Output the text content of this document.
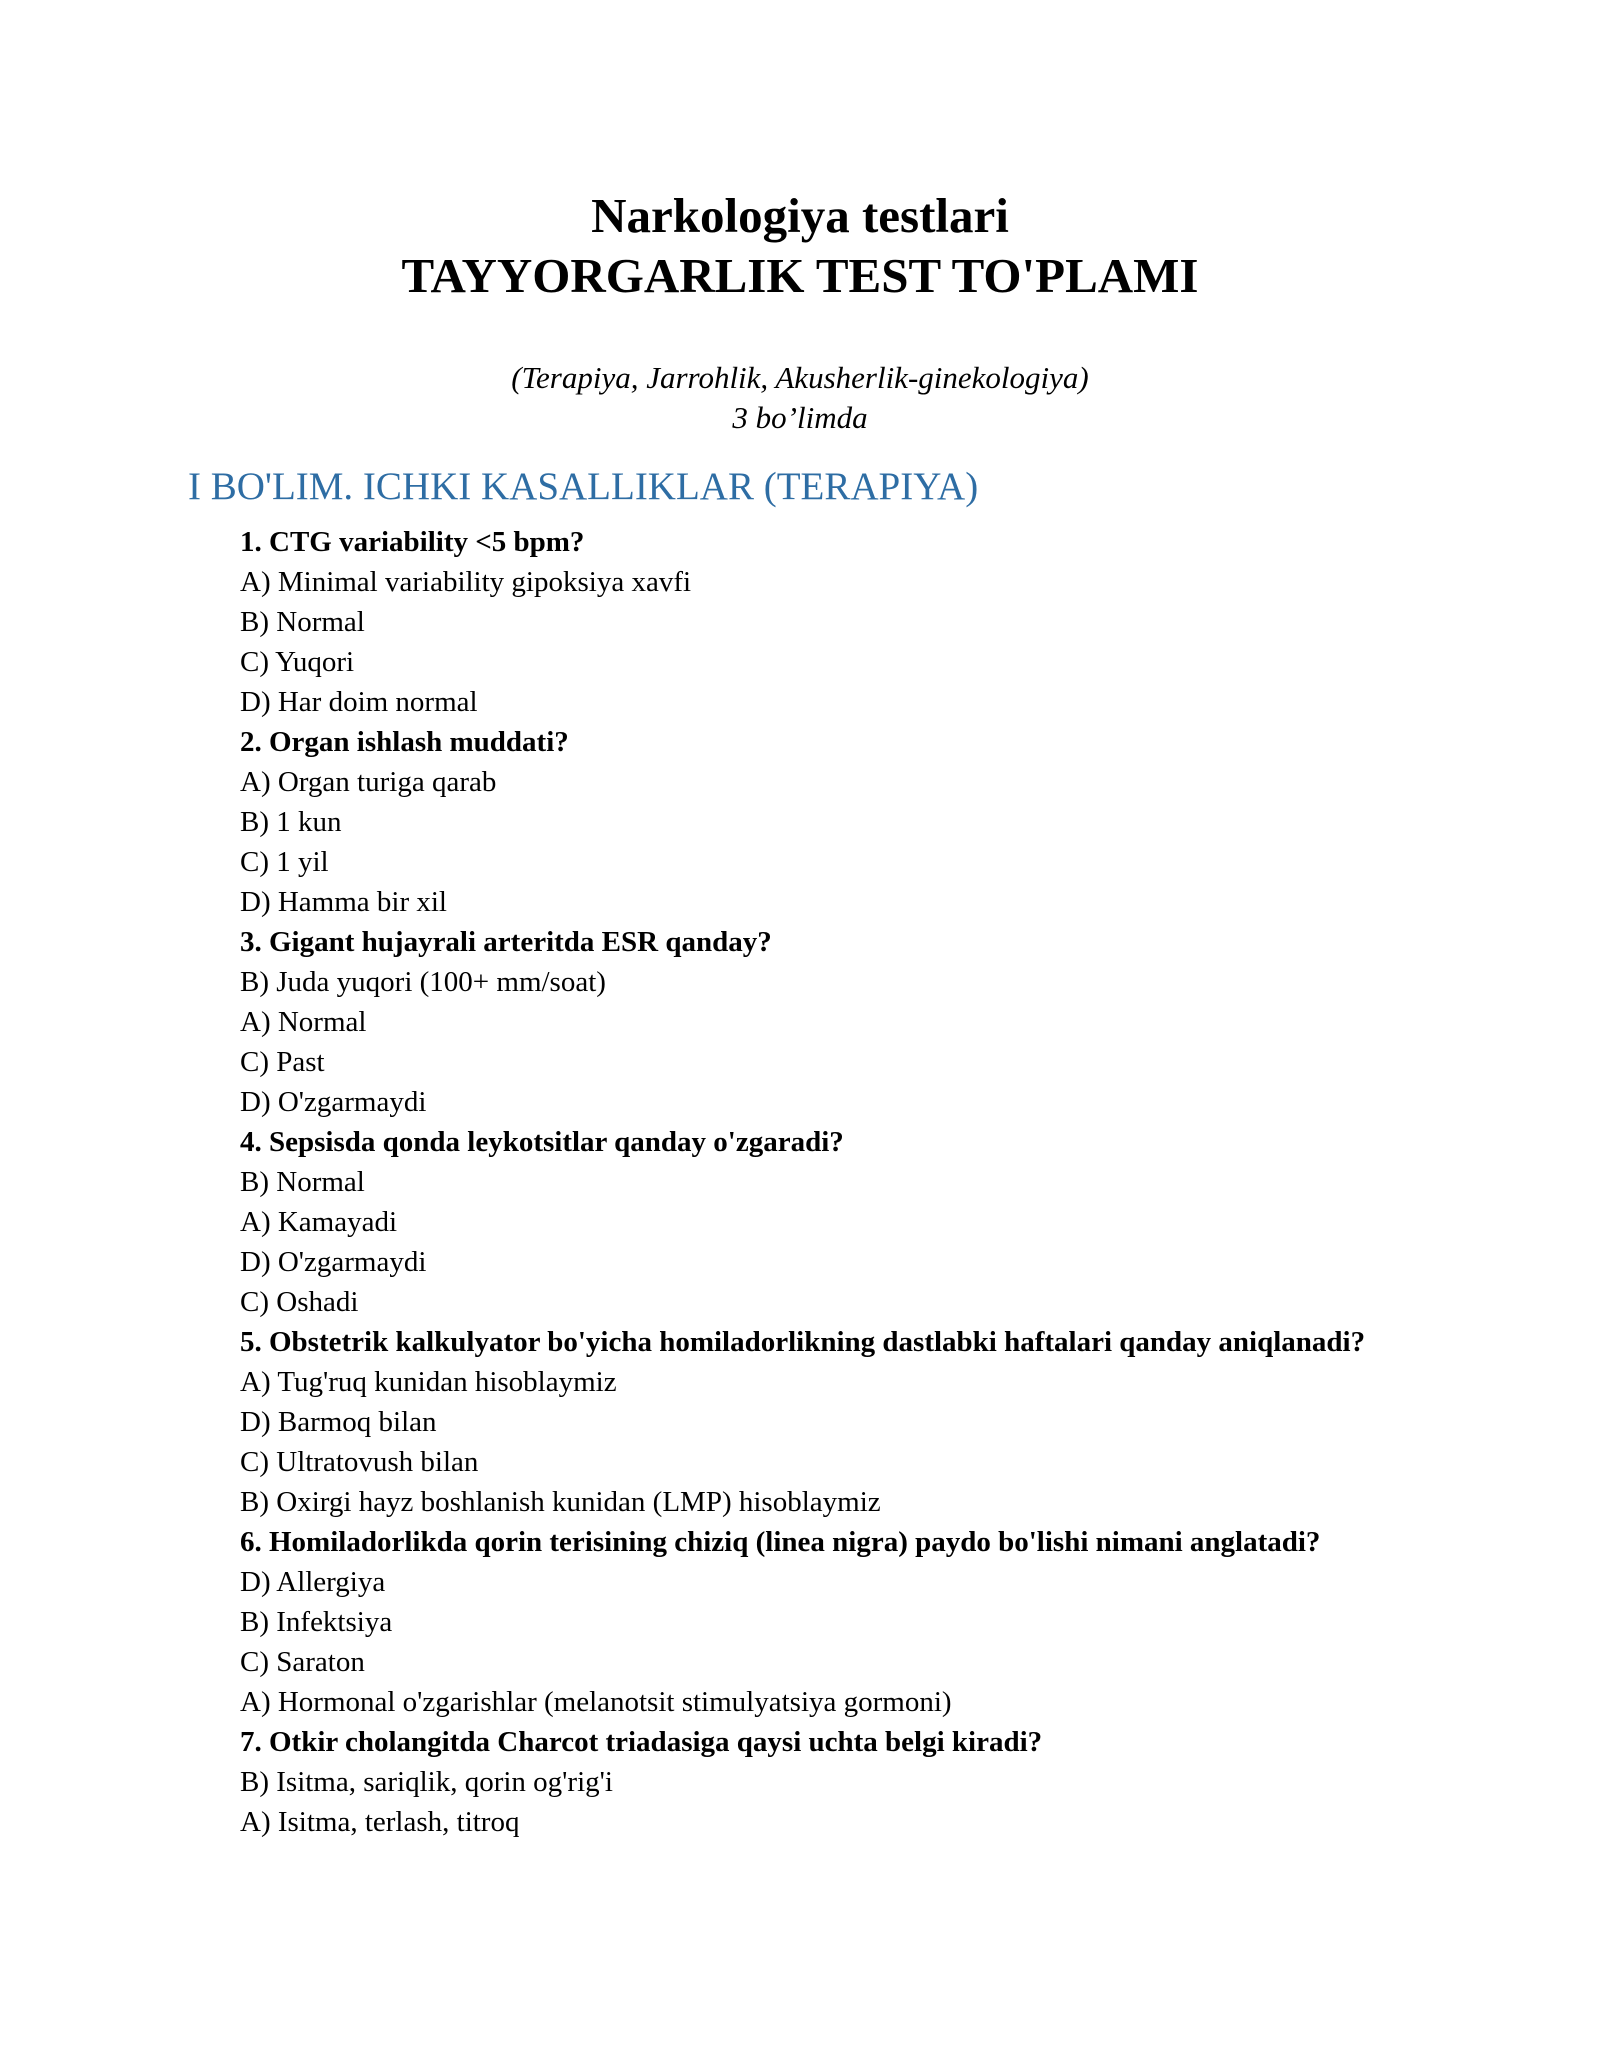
Narkologiya testlari
TAYYORGARLIK TEST TO'PLAMI
(Terapiya, Jarrohlik, Akusherlik-ginekologiya)
3 bo’limda
I BO'LIM. ICHKI KASALLIKLAR (TERAPIYA)
1. CTG variability <5 bpm?
A) Minimal variability gipoksiya xavfi
B) Normal
C) Yuqori
D) Har doim normal
2. Organ ishlash muddati?
A) Organ turiga qarab
B) 1 kun
C) 1 yil
D) Hamma bir xil
3. Gigant hujayrali arteritda ESR qanday?
B) Juda yuqori (100+ mm/soat)
A) Normal
C) Past
D) O'zgarmaydi
4. Sepsisda qonda leykotsitlar qanday o'zgaradi?
B) Normal
A) Kamayadi
D) O'zgarmaydi
C) Oshadi
5. Obstetrik kalkulyator bo'yicha homiladorlikning dastlabki haftalari qanday aniqlanadi?
A) Tug'ruq kunidan hisoblaymiz
D) Barmoq bilan
C) Ultratovush bilan
B) Oxirgi hayz boshlanish kunidan (LMP) hisoblaymiz
6. Homiladorlikda qorin terisining chiziq (linea nigra) paydo bo'lishi nimani anglatadi?
D) Allergiya
B) Infektsiya
C) Saraton
A) Hormonal o'zgarishlar (melanotsit stimulyatsiya gormoni)
7. Otkir cholangitda Charcot triadasiga qaysi uchta belgi kiradi?
B) Isitma, sariqlik, qorin og'rig'i
A) Isitma, terlash, titroq
